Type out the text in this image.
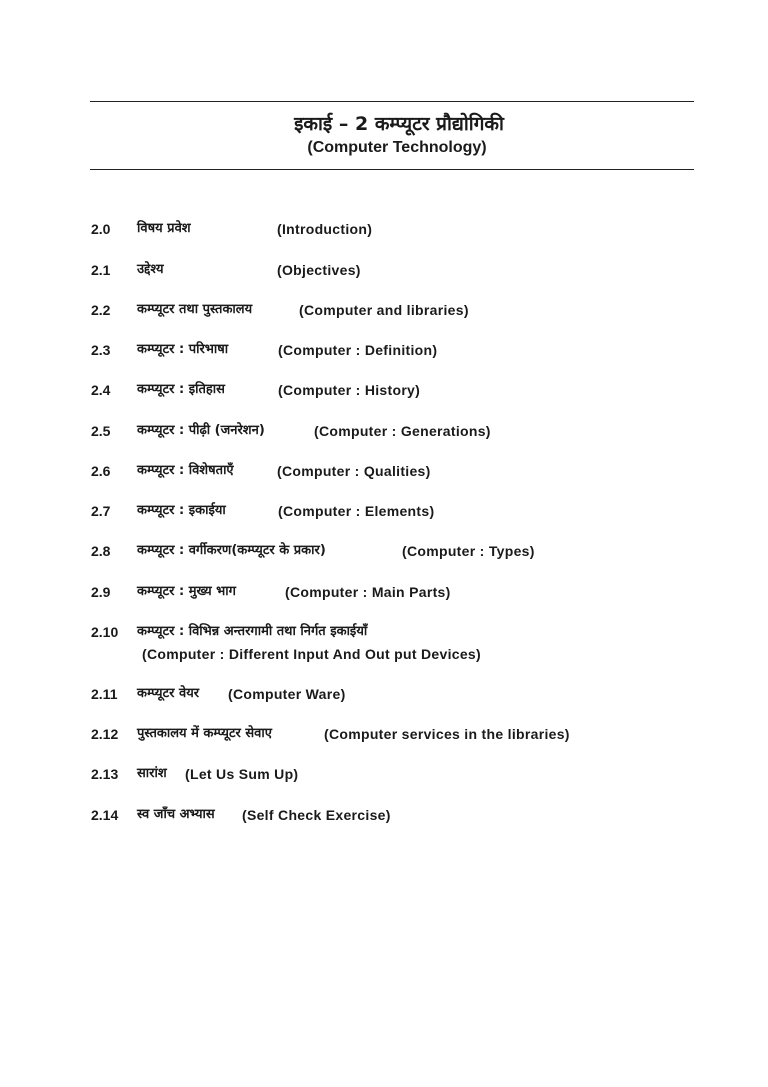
इकाई – 2 कम्प्यूटर प्रौद्योगिकी
(Computer Technology)
2.0	विषय प्रवेश	(Introduction)
2.1	उद्देश्य	(Objectives)
2.2	कम्प्यूटर तथा पुस्तकालय	(Computer and libraries)
2.3	कम्प्यूटर : परिभाषा	(Computer : Definition)
2.4	कम्प्यूटर : इतिहास	(Computer : History)
2.5	कम्प्यूटर : पीढ़ी (जनरेशन)	(Computer : Generations)
2.6	कम्प्यूटर : विशेषताएँ	(Computer : Qualities)
2.7	कम्प्यूटर : इकाईया	(Computer : Elements)
2.8	कम्प्यूटर : वर्गीकरण(कम्प्यूटर के प्रकार)	(Computer : Types)
2.9	कम्प्यूटर : मुख्य भाग	(Computer : Main Parts)
2.10	कम्प्यूटर : विभिन्न अन्तरगामी तथा निर्गत इकाईयॉं
(Computer : Different Input And Out put Devices)
2.11	कम्प्यूटर वेयर (Computer Ware)
2.12	पुस्तकालय में कम्प्यूटर सेवाए	(Computer services in the libraries)
2.13	सारांश (Let Us Sum Up)
2.14	स्व जॉंच अभ्यास (Self Check Exercise)
